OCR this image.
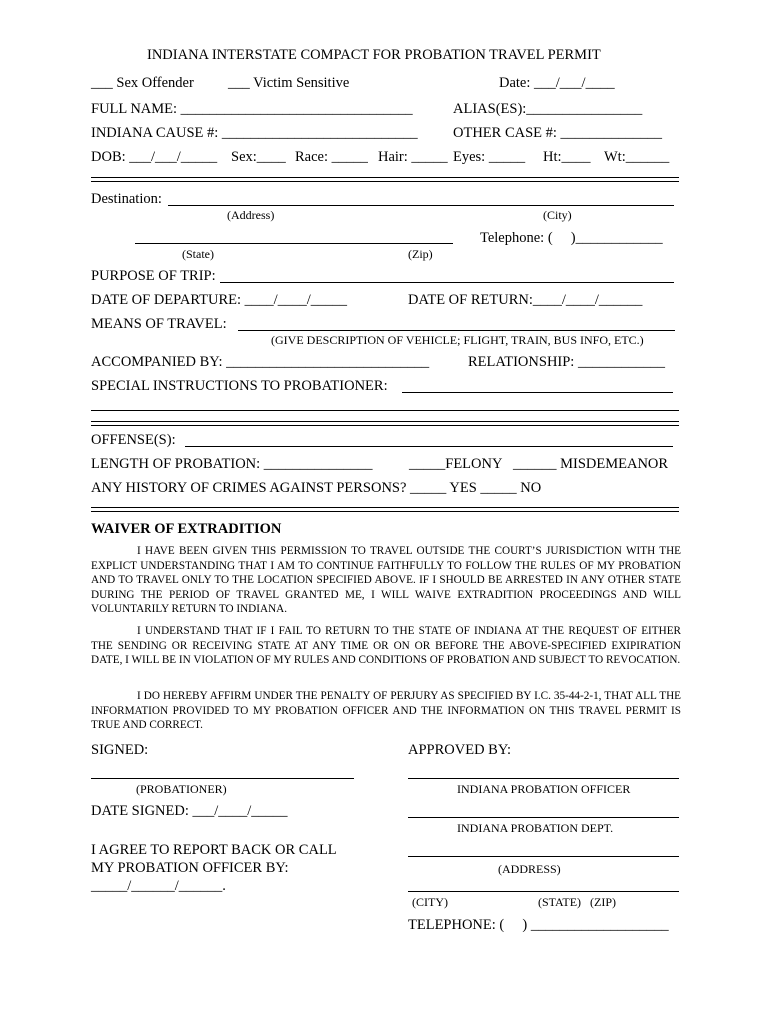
INDIANA INTERSTATE COMPACT FOR PROBATION TRAVEL PERMIT
___ Sex Offender ___ Victim Sensitive	Date: ___/___/____
FULL NAME: ________________________________	ALIAS(ES):________________
INDIANA CAUSE #: ___________________________ OTHER CASE #: ______________
DOB: ___/___/_____ Sex:____ Race: _____ Hair: _____ Eyes: _____ Ht:____ Wt:______
Destination:
(Address)	(City)
Telephone: (     )____________
(State)	(Zip)
PURPOSE OF TRIP:
DATE OF DEPARTURE: ____/____/_____	DATE OF RETURN:____/____/______
MEANS OF TRAVEL:
(GIVE DESCRIPTION OF VEHICLE; FLIGHT, TRAIN, BUS INFO, ETC.)
ACCOMPANIED BY: ____________________________	RELATIONSHIP: ____________
SPECIAL INSTRUCTIONS TO PROBATIONER:
OFFENSE(S):
LENGTH OF PROBATION: _______________	_____FELONY ______ MISDEMEANOR
ANY HISTORY OF CRIMES AGAINST PERSONS? _____ YES _____ NO
WAIVER OF EXTRADITION
I HAVE BEEN GIVEN THIS PERMISSION TO TRAVEL OUTSIDE THE COURT’S JURISDICTION WITH THE EXPLICT UNDERSTANDING THAT I AM TO CONTINUE FAITHFULLY TO FOLLOW THE RULES OF MY PROBATION AND TO TRAVEL ONLY TO THE LOCATION SPECIFIED ABOVE. IF I SHOULD BE ARRESTED IN ANY OTHER STATE DURING THE PERIOD OF TRAVEL GRANTED ME, I WILL WAIVE EXTRADITION PROCEEDINGS AND WILL VOLUNTARILY RETURN TO INDIANA.
I UNDERSTAND THAT IF I FAIL TO RETURN TO THE STATE OF INDIANA AT THE REQUEST OF EITHER THE SENDING OR RECEIVING STATE AT ANY TIME OR ON OR BEFORE THE ABOVE-SPECIFIED EXIPIRATION DATE, I WILL BE IN VIOLATION OF MY RULES AND CONDITIONS OF PROBATION AND SUBJECT TO REVOCATION.
I DO HEREBY AFFIRM UNDER THE PENALTY OF PERJURY AS SPECIFIED BY I.C. 35-44-2-1, THAT ALL THE INFORMATION PROVIDED TO MY PROBATION OFFICER AND THE INFORMATION ON THIS TRAVEL PERMIT IS TRUE AND CORRECT.
SIGNED:	APPROVED BY:
(PROBATIONER)	INDIANA PROBATION OFFICER
DATE SIGNED: ___/____/_____
INDIANA PROBATION DEPT.
I AGREE TO REPORT BACK OR CALL
MY PROBATION OFFICER BY:
_____/______/______.
(ADDRESS)
(CITY)	(STATE)   (ZIP)
TELEPHONE: (     ) ___________________
